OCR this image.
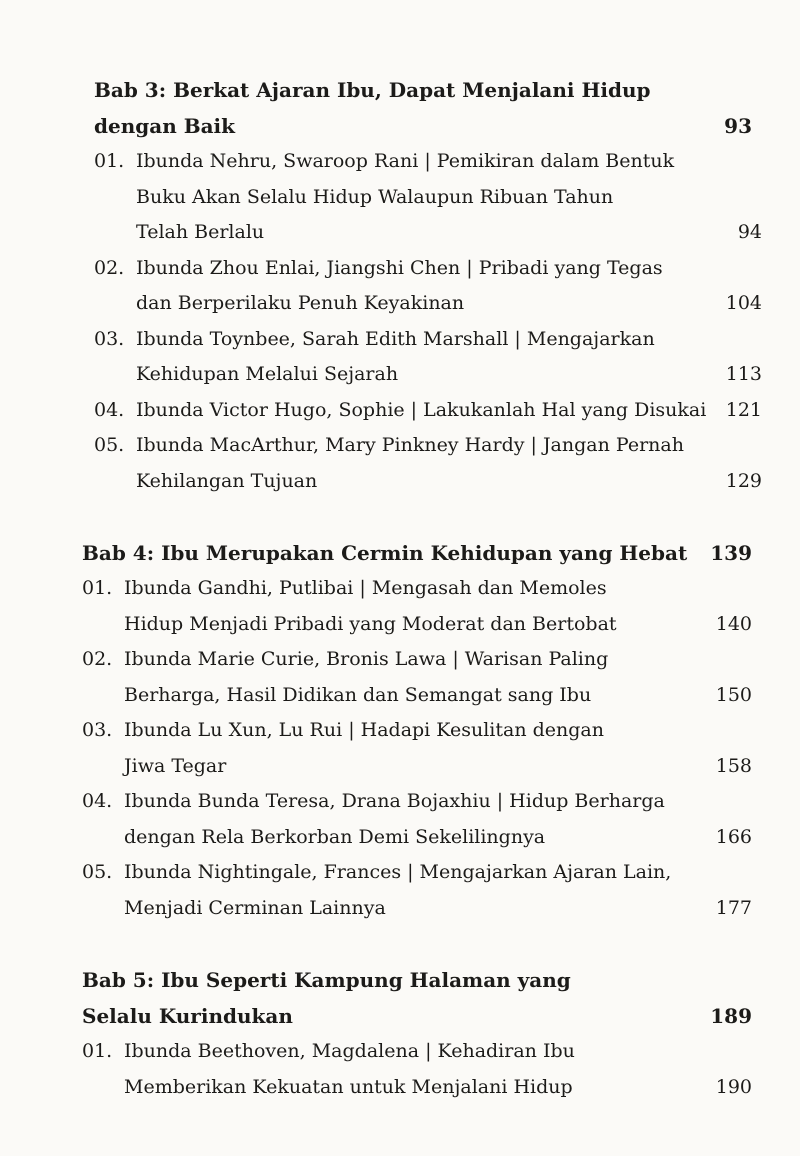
Bab 3: Berkat Ajaran Ibu, Dapat Menjalani Hidup
dengan Baik	93
01. Ibunda Nehru, Swaroop Rani | Pemikiran dalam Bentuk
Buku Akan Selalu Hidup Walaupun Ribuan Tahun
Telah Berlalu	94
02. Ibunda Zhou Enlai, Jiangshi Chen | Pribadi yang Tegas
dan Berperilaku Penuh Keyakinan	104
03. Ibunda Toynbee, Sarah Edith Marshall | Mengajarkan
Kehidupan Melalui Sejarah	113
04. Ibunda Victor Hugo, Sophie | Lakukanlah Hal yang Disukai	121
05. Ibunda MacArthur, Mary Pinkney Hardy | Jangan Pernah
Kehilangan Tujuan	129
Bab 4: Ibu Merupakan Cermin Kehidupan yang Hebat	139
01. Ibunda Gandhi, Putlibai | Mengasah dan Memoles
Hidup Menjadi Pribadi yang Moderat dan Bertobat	140
02. Ibunda Marie Curie, Bronis Lawa | Warisan Paling
Berharga, Hasil Didikan dan Semangat sang Ibu	150
03. Ibunda Lu Xun, Lu Rui | Hadapi Kesulitan dengan
Jiwa Tegar	158
04. Ibunda Bunda Teresa, Drana Bojaxhiu | Hidup Berharga
dengan Rela Berkorban Demi Sekelilingnya	166
05. Ibunda Nightingale, Frances | Mengajarkan Ajaran Lain,
Menjadi Cerminan Lainnya	177
Bab 5: Ibu Seperti Kampung Halaman yang
Selalu Kurindukan	189
01. Ibunda Beethoven, Magdalena | Kehadiran Ibu
Memberikan Kekuatan untuk Menjalani Hidup	190
